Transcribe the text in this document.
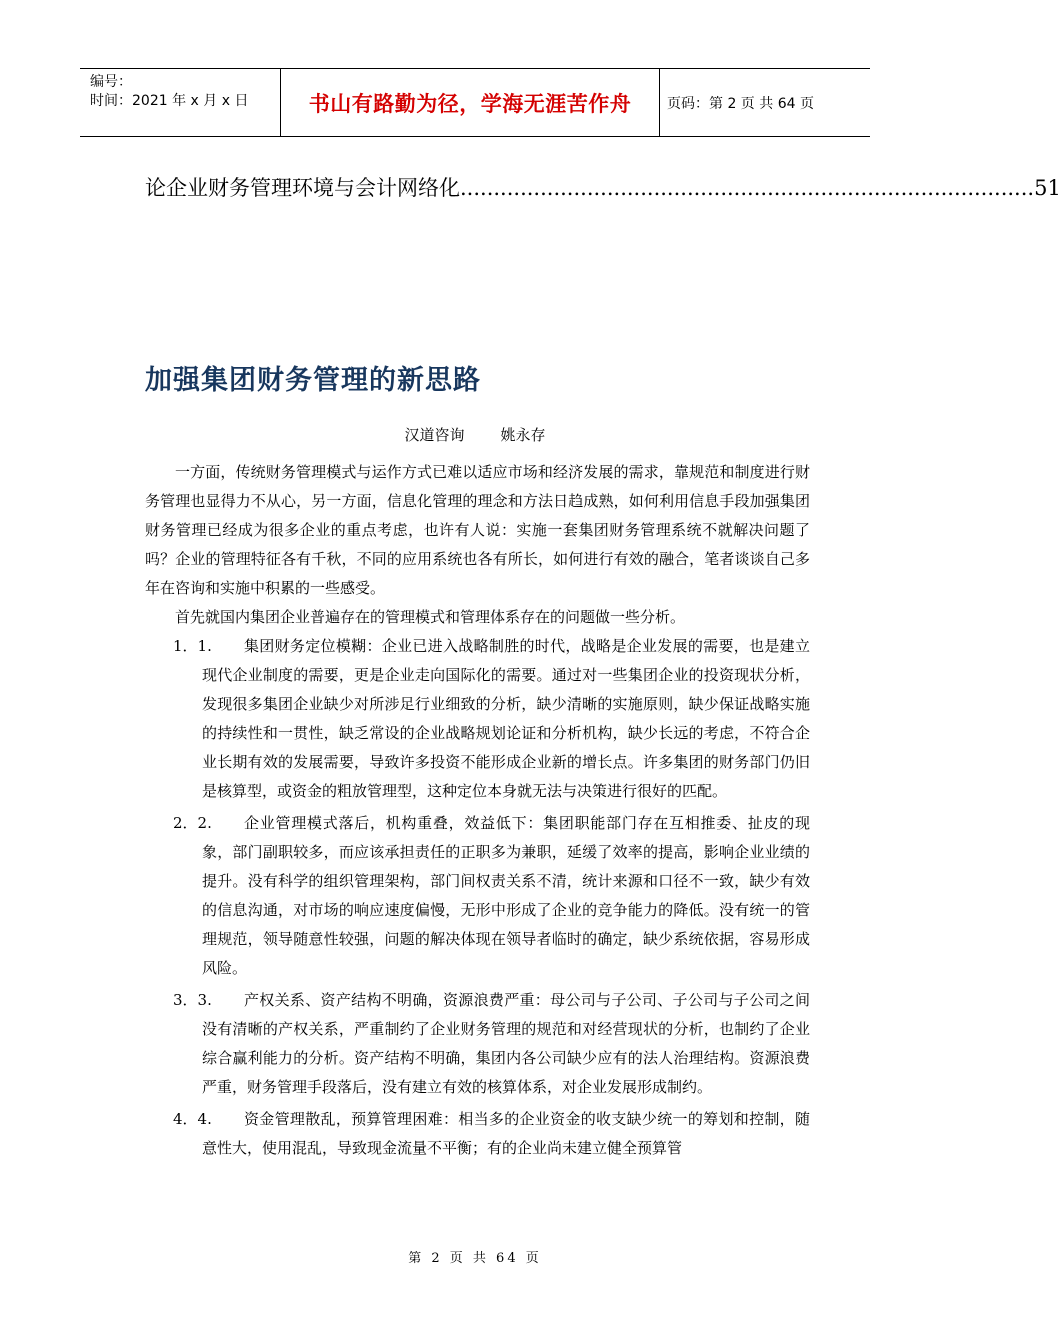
编号：
时间：2021 年 x 月 x 日	书山有路勤为径，学海无涯苦作舟	页码：第 2 页 共 64 页
论企业财务管理环境与会计网络化 ...................................................................................... 51
加强集团财务管理的新思路
汉道咨询 姚永存

一方面，传统财务管理模式与运作方式已难以适应市场和经济发展的需求，靠规范和制度进行财务管理也显得力不从心，另一方面，信息化管理的理念和方法日趋成熟，如何利用信息手段加强集团财务管理已经成为很多企业的重点考虑，也许有人说：实施一套集团财务管理系统不就解决问题了吗？企业的管理特征各有千秋，不同的应用系统也各有所长，如何进行有效的融合，笔者谈谈自己多年在咨询和实施中积累的一些感受。

首先就国内集团企业普遍存在的管理模式和管理体系存在的问题做一些分析。

1．1.	集团财务定位模糊：企业已进入战略制胜的时代，战略是企业发展的需要，也是建立现代企业制度的需要，更是企业走向国际化的需要。通过对一些集团企业的投资现状分析，发现很多集团企业缺少对所涉足行业细致的分析，缺少清晰的实施原则，缺少保证战略实施的持续性和一贯性，缺乏常设的企业战略规划论证和分析机构，缺少长远的考虑，不符合企业长期有效的发展需要，导致许多投资不能形成企业新的增长点。许多集团的财务部门仍旧是核算型，或资金的粗放管理型，这种定位本身就无法与决策进行很好的匹配。
2．2.	企业管理模式落后，机构重叠，效益低下：集团职能部门存在互相推委、扯皮的现象，部门副职较多，而应该承担责任的正职多为兼职，延缓了效率的提高，影响企业业绩的提升。没有科学的组织管理架构，部门间权责关系不清，统计来源和口径不一致，缺少有效的信息沟通，对市场的响应速度偏慢，无形中形成了企业的竞争能力的降低。没有统一的管理规范，领导随意性较强，问题的解决体现在领导者临时的确定，缺少系统依据，容易形成风险。
3．3.	产权关系、资产结构不明确，资源浪费严重：母公司与子公司、子公司与子公司之间没有清晰的产权关系，严重制约了企业财务管理的规范和对经营现状的分析，也制约了企业综合赢利能力的分析。资产结构不明确，集团内各公司缺少应有的法人治理结构。资源浪费严重，财务管理手段落后，没有建立有效的核算体系，对企业发展形成制约。
4．4.	资金管理散乱，预算管理困难：相当多的企业资金的收支缺少统一的筹划和控制，随意性大，使用混乱，导致现金流量不平衡；有的企业尚未建立健全预算管
第 2 页 共 64 页
